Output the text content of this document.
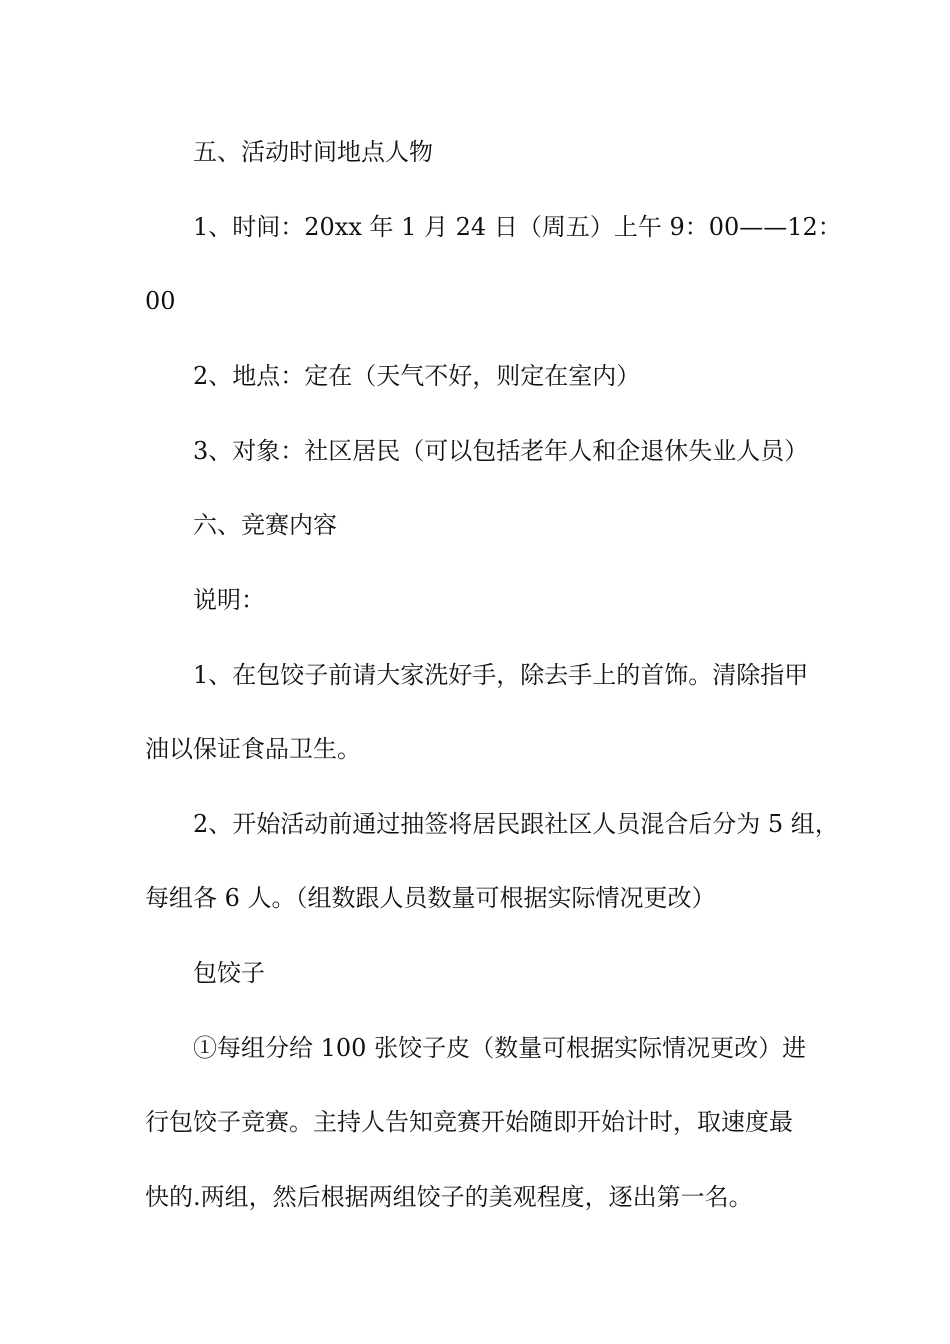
五、活动时间地点人物
1、时间：20xx 年 1 月 24 日（周五）上午 9：00——12：
00
2、地点：定在（天气不好，则定在室内）
3、对象：社区居民（可以包括老年人和企退休失业人员）
六、竞赛内容
说明：
1、在包饺子前请大家洗好手，除去手上的首饰。清除指甲
油以保证食品卫生。
2、开始活动前通过抽签将居民跟社区人员混合后分为 5 组，
每组各 6 人。（组数跟人员数量可根据实际情况更改）
包饺子
①每组分给 100 张饺子皮（数量可根据实际情况更改）进
行包饺子竞赛。主持人告知竞赛开始随即开始计时，取速度最
快的.两组，然后根据两组饺子的美观程度，逐出第一名。
